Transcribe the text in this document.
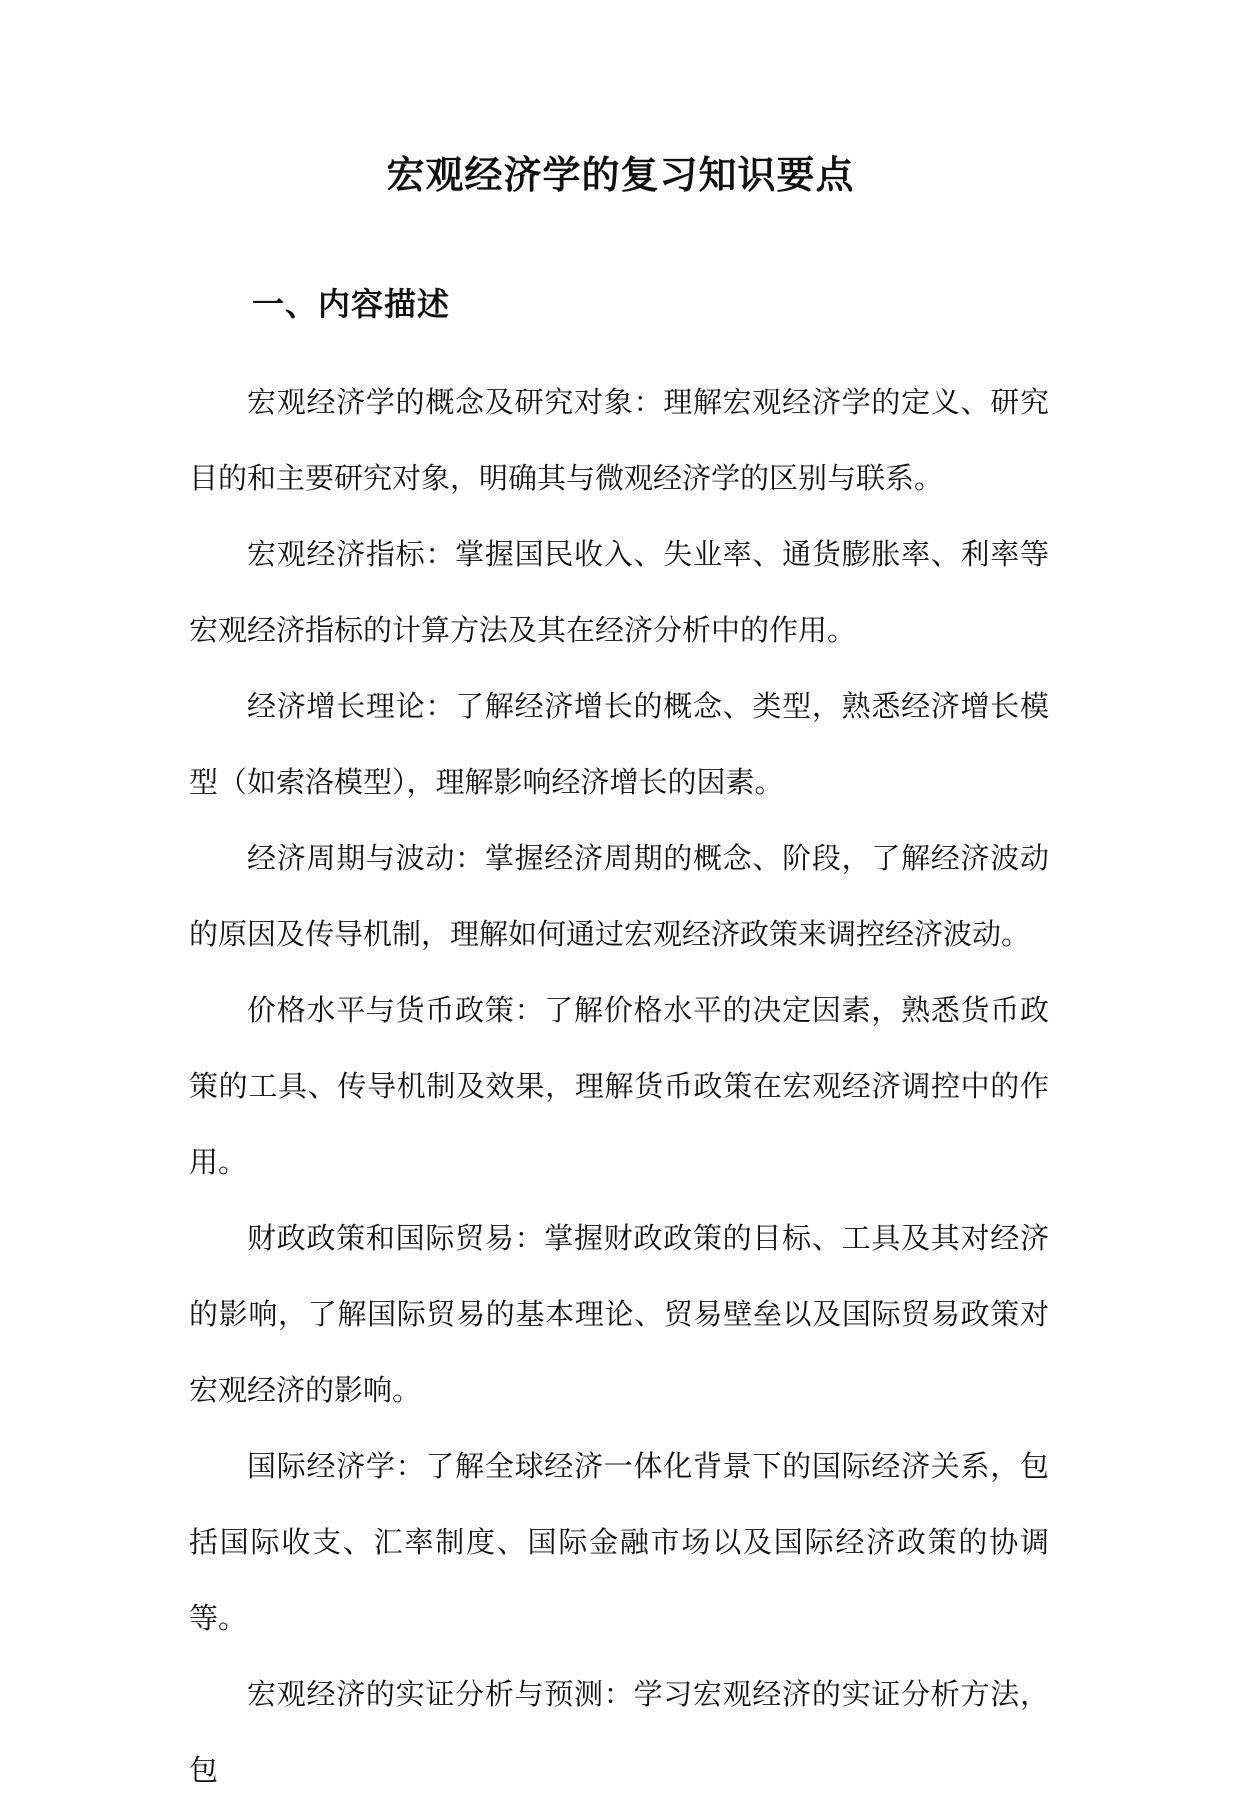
宏观经济学的复习知识要点
一、内容描述

宏观经济学的概念及研究对象：理解宏观经济学的定义、研究目的和主要研究对象，明确其与微观经济学的区别与联系。

宏观经济指标：掌握国民收入、失业率、通货膨胀率、利率等宏观经济指标的计算方法及其在经济分析中的作用。

经济增长理论：了解经济增长的概念、类型，熟悉经济增长模型（如索洛模型），理解影响经济增长的因素。

经济周期与波动：掌握经济周期的概念、阶段，了解经济波动的原因及传导机制，理解如何通过宏观经济政策来调控经济波动。

价格水平与货币政策：了解价格水平的决定因素，熟悉货币政策的工具、传导机制及效果，理解货币政策在宏观经济调控中的作用。

财政政策和国际贸易：掌握财政政策的目标、工具及其对经济的影响，了解国际贸易的基本理论、贸易壁垒以及国际贸易政策对宏观经济的影响。

国际经济学：了解全球经济一体化背景下的国际经济关系，包括国际收支、汇率制度、国际金融市场以及国际经济政策的协调等。

宏观经济的实证分析与预测：学习宏观经济的实证分析方法，包
